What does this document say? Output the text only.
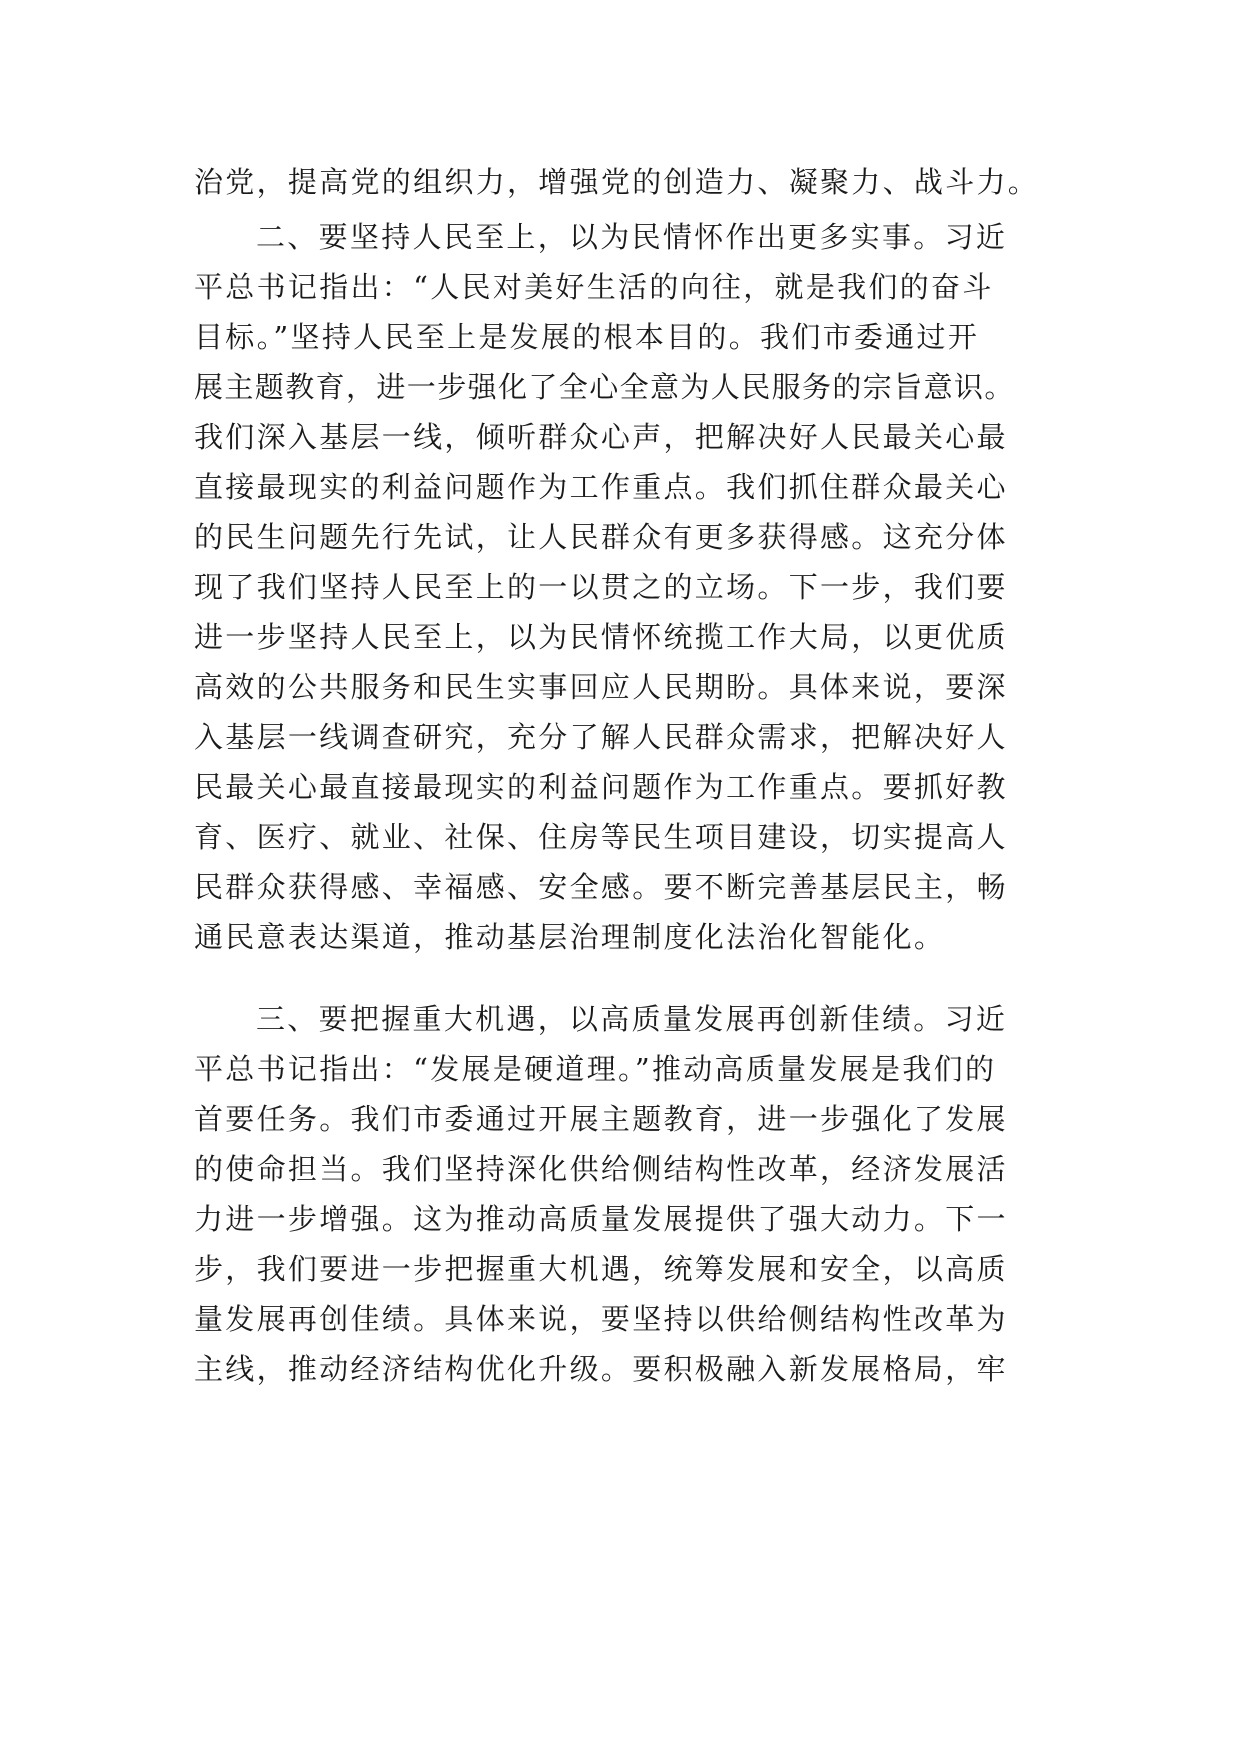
治党，提高党的组织力，增强党的创造力、凝聚力、战斗力。
二、要坚持人民至上，以为民情怀作出更多实事。习近
平总书记指出：“人民对美好生活的向往，就是我们的奋斗
目标。”坚持人民至上是发展的根本目的。我们市委通过开
展主题教育，进一步强化了全心全意为人民服务的宗旨意识。
我们深入基层一线，倾听群众心声，把解决好人民最关心最
直接最现实的利益问题作为工作重点。我们抓住群众最关心
的民生问题先行先试，让人民群众有更多获得感。这充分体
现了我们坚持人民至上的一以贯之的立场。下一步，我们要
进一步坚持人民至上，以为民情怀统揽工作大局，以更优质
高效的公共服务和民生实事回应人民期盼。具体来说，要深
入基层一线调查研究，充分了解人民群众需求，把解决好人
民最关心最直接最现实的利益问题作为工作重点。要抓好教
育、医疗、就业、社保、住房等民生项目建设，切实提高人
民群众获得感、幸福感、安全感。要不断完善基层民主，畅
通民意表达渠道，推动基层治理制度化法治化智能化。
三、要把握重大机遇，以高质量发展再创新佳绩。习近
平总书记指出：“发展是硬道理。”推动高质量发展是我们的
首要任务。我们市委通过开展主题教育，进一步强化了发展
的使命担当。我们坚持深化供给侧结构性改革，经济发展活
力进一步增强。这为推动高质量发展提供了强大动力。下一
步，我们要进一步把握重大机遇，统筹发展和安全，以高质
量发展再创佳绩。具体来说，要坚持以供给侧结构性改革为
主线，推动经济结构优化升级。要积极融入新发展格局，牢
